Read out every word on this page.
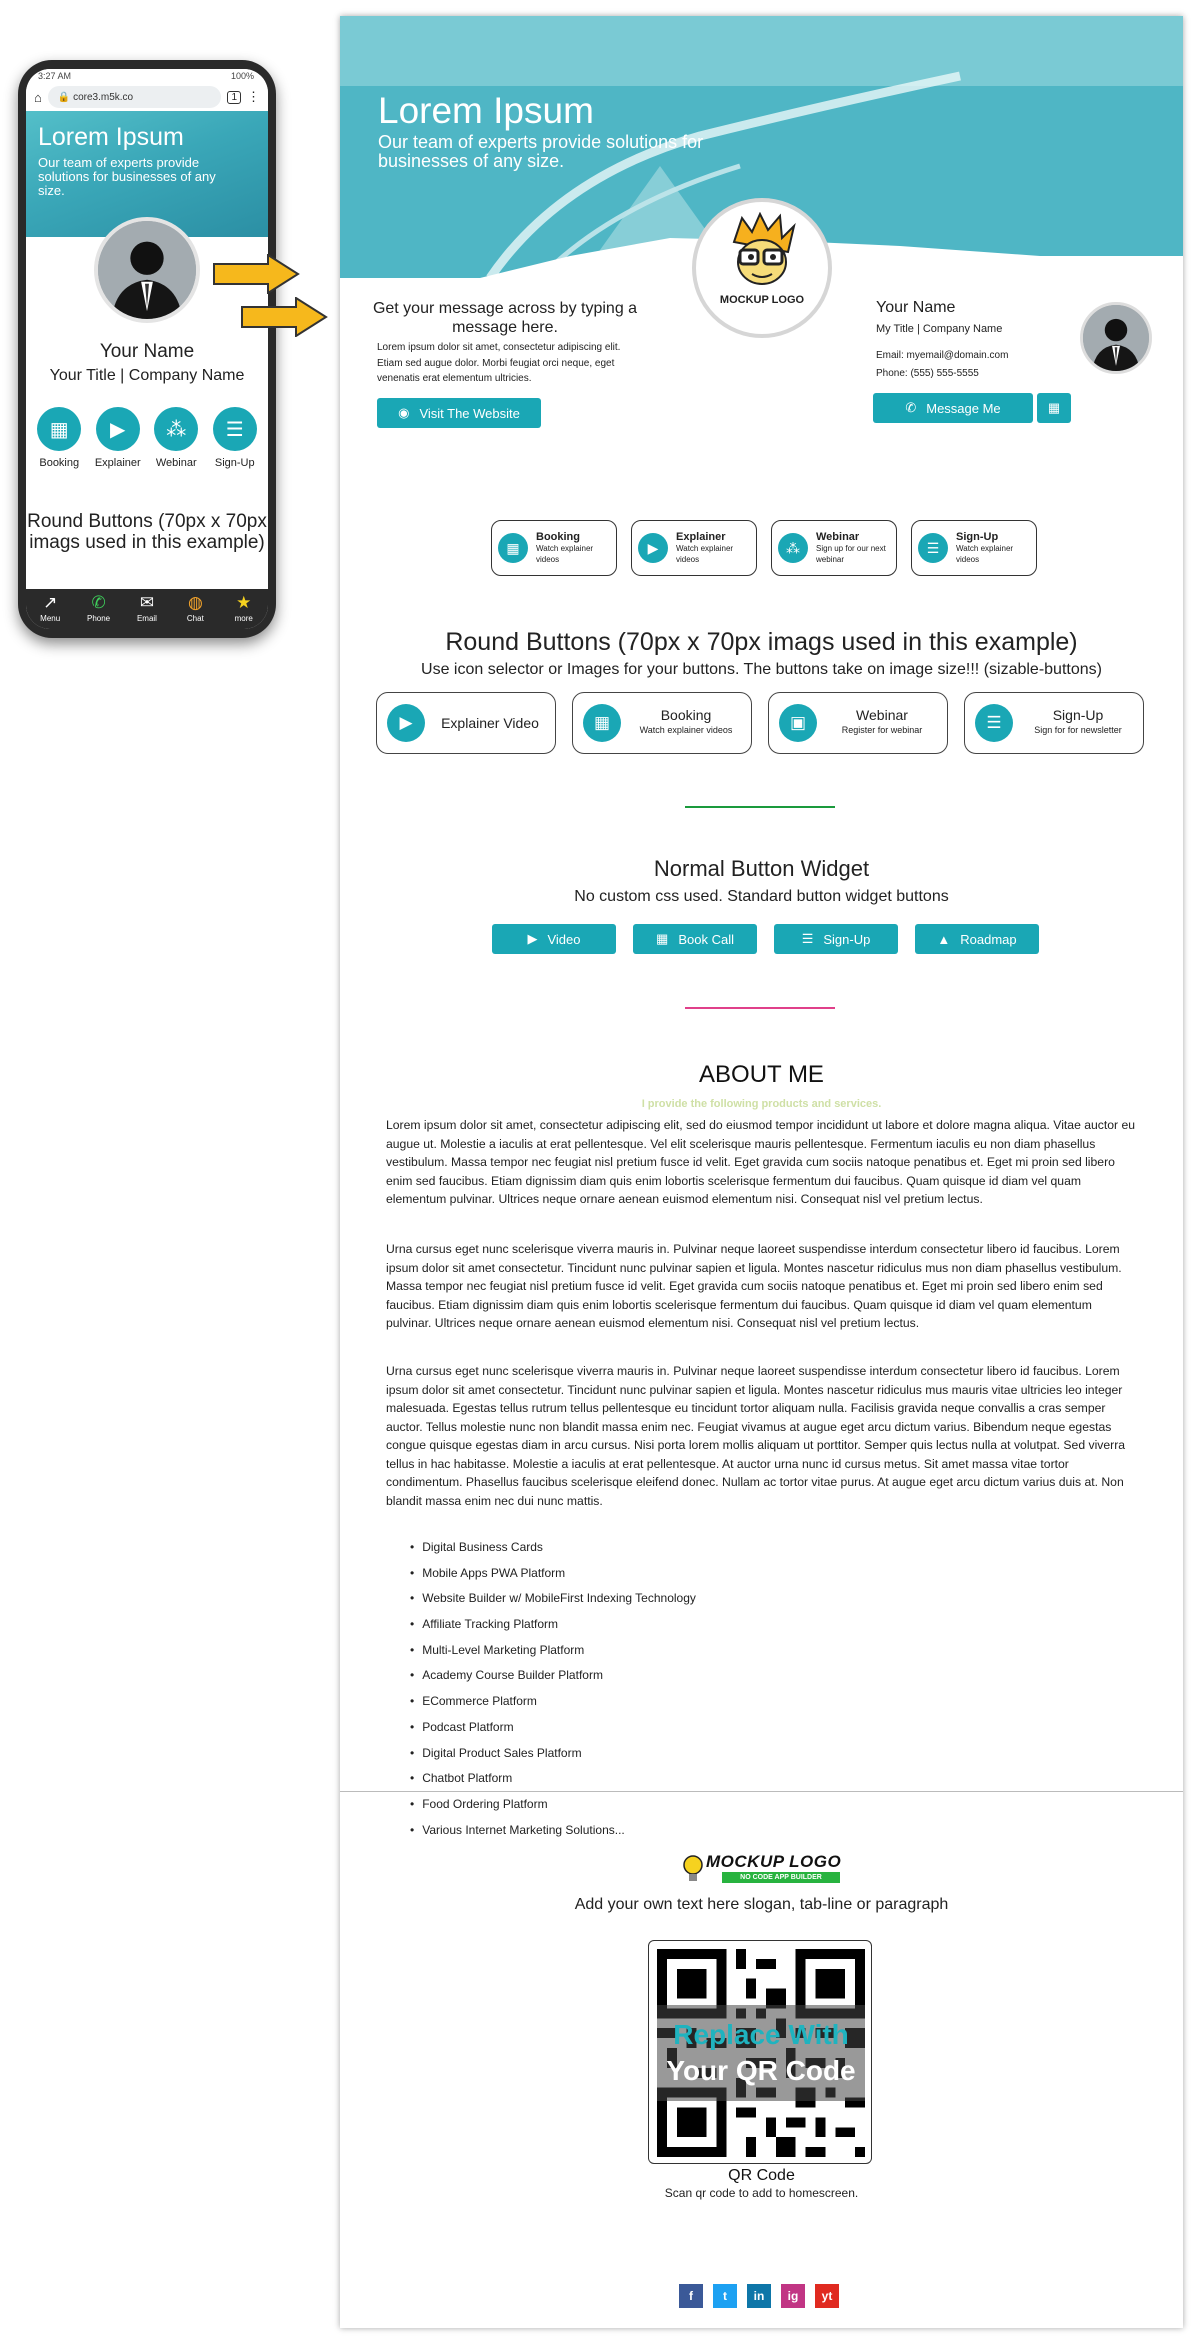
3:27 AM	100%
⌂	🔒 core3.m5k.co	1 ⋮
Lorem Ipsum

Our team of experts provide solutions for businesses of any size.

Your Name
Your Title | Company Name
▦
Booking
▶
Explainer
⁂
Webinar
☰
Sign-Up
Round Buttons (70px x 70px imags used in this example)
↗
Menu
✆
Phone
✉
Email
◍
Chat
★
more
Lorem Ipsum

Our team of experts provide solutions for businesses of any size.

MOCKUP LOGO
Get your message across by typing a message here.
Lorem ipsum dolor sit amet, consectetur adipiscing elit. Etiam sed augue dolor. Morbi feugiat orci neque, eget venenatis erat elementum ultricies.
◉ Visit The Website
Your Name
My Title | Company Name
Email: myemail@domain.com
Phone: (555) 555-5555
✆ Message Me	▦
▦
Booking
Watch explainer videos
▶
Explainer
Watch explainer videos
⁂
Webinar
Sign up for our next webinar
☰
Sign-Up
Watch explainer videos
Round Buttons (70px x 70px imags used in this example)
Use icon selector or Images for your buttons. The buttons take on image size!!! (sizable-buttons)
▶	Explainer Video	▦	Booking
Watch explainer videos	▣	Webinar
Register for webinar	☰	Sign-Up
Sign for for newsletter
Normal Button Widget
No custom css used. Standard button widget buttons
▶ Video	▦ Book Call	☰ Sign-Up	▲ Roadmap
ABOUT ME
I provide the following products and services.
Lorem ipsum dolor sit amet, consectetur adipiscing elit, sed do eiusmod tempor incididunt ut labore et dolore magna aliqua. Vitae auctor eu augue ut. Molestie a iaculis at erat pellentesque. Vel elit scelerisque mauris pellentesque. Fermentum iaculis eu non diam phasellus vestibulum. Massa tempor nec feugiat nisl pretium fusce id velit. Eget gravida cum sociis natoque penatibus et. Eget mi proin sed libero enim sed faucibus. Etiam dignissim diam quis enim lobortis scelerisque fermentum dui faucibus. Quam quisque id diam vel quam elementum pulvinar. Ultrices neque ornare aenean euismod elementum nisi. Consequat nisl vel pretium lectus.
Urna cursus eget nunc scelerisque viverra mauris in. Pulvinar neque laoreet suspendisse interdum consectetur libero id faucibus. Lorem ipsum dolor sit amet consectetur. Tincidunt nunc pulvinar sapien et ligula. Montes nascetur ridiculus mus non diam phasellus vestibulum. Massa tempor nec feugiat nisl pretium fusce id velit. Eget gravida cum sociis natoque penatibus et. Eget mi proin sed libero enim sed faucibus. Etiam dignissim diam quis enim lobortis scelerisque fermentum dui faucibus. Quam quisque id diam vel quam elementum pulvinar. Ultrices neque ornare aenean euismod elementum nisi. Consequat nisl vel pretium lectus.
Urna cursus eget nunc scelerisque viverra mauris in. Pulvinar neque laoreet suspendisse interdum consectetur libero id faucibus. Lorem ipsum dolor sit amet consectetur. Tincidunt nunc pulvinar sapien et ligula. Montes nascetur ridiculus mus mauris vitae ultricies leo integer malesuada. Egestas tellus rutrum tellus pellentesque eu tincidunt tortor aliquam nulla. Facilisis gravida neque convallis a cras semper auctor. Tellus molestie nunc non blandit massa enim nec. Feugiat vivamus at augue eget arcu dictum varius. Bibendum neque egestas congue quisque egestas diam in arcu cursus. Nisi porta lorem mollis aliquam ut porttitor. Semper quis lectus nulla at volutpat. Sed viverra tellus in hac habitasse. Molestie a iaculis at erat pellentesque. At auctor urna nunc id cursus metus. Sit amet massa vitae tortor condimentum. Phasellus faucibus scelerisque eleifend donec. Nullam ac tortor vitae purus. At augue eget arcu dictum varius duis at. Non blandit massa enim nec dui nunc mattis.
• Digital Business Cards
• Mobile Apps PWA Platform
• Website Builder w/ MobileFirst Indexing Technology
• Affiliate Tracking Platform
• Multi-Level Marketing Platform
• Academy Course Builder Platform
• ECommerce Platform
• Podcast Platform
• Digital Product Sales Platform
• Chatbot Platform
• Food Ordering Platform
• Various Internet Marketing Solutions...
MOCKUP LOGO
NO CODE APP BUILDER
Add your own text here slogan, tab-line or paragraph
Replace With
Your QR Code
QR Code
Scan qr code to add to homescreen.
f	t	in	ig	yt
